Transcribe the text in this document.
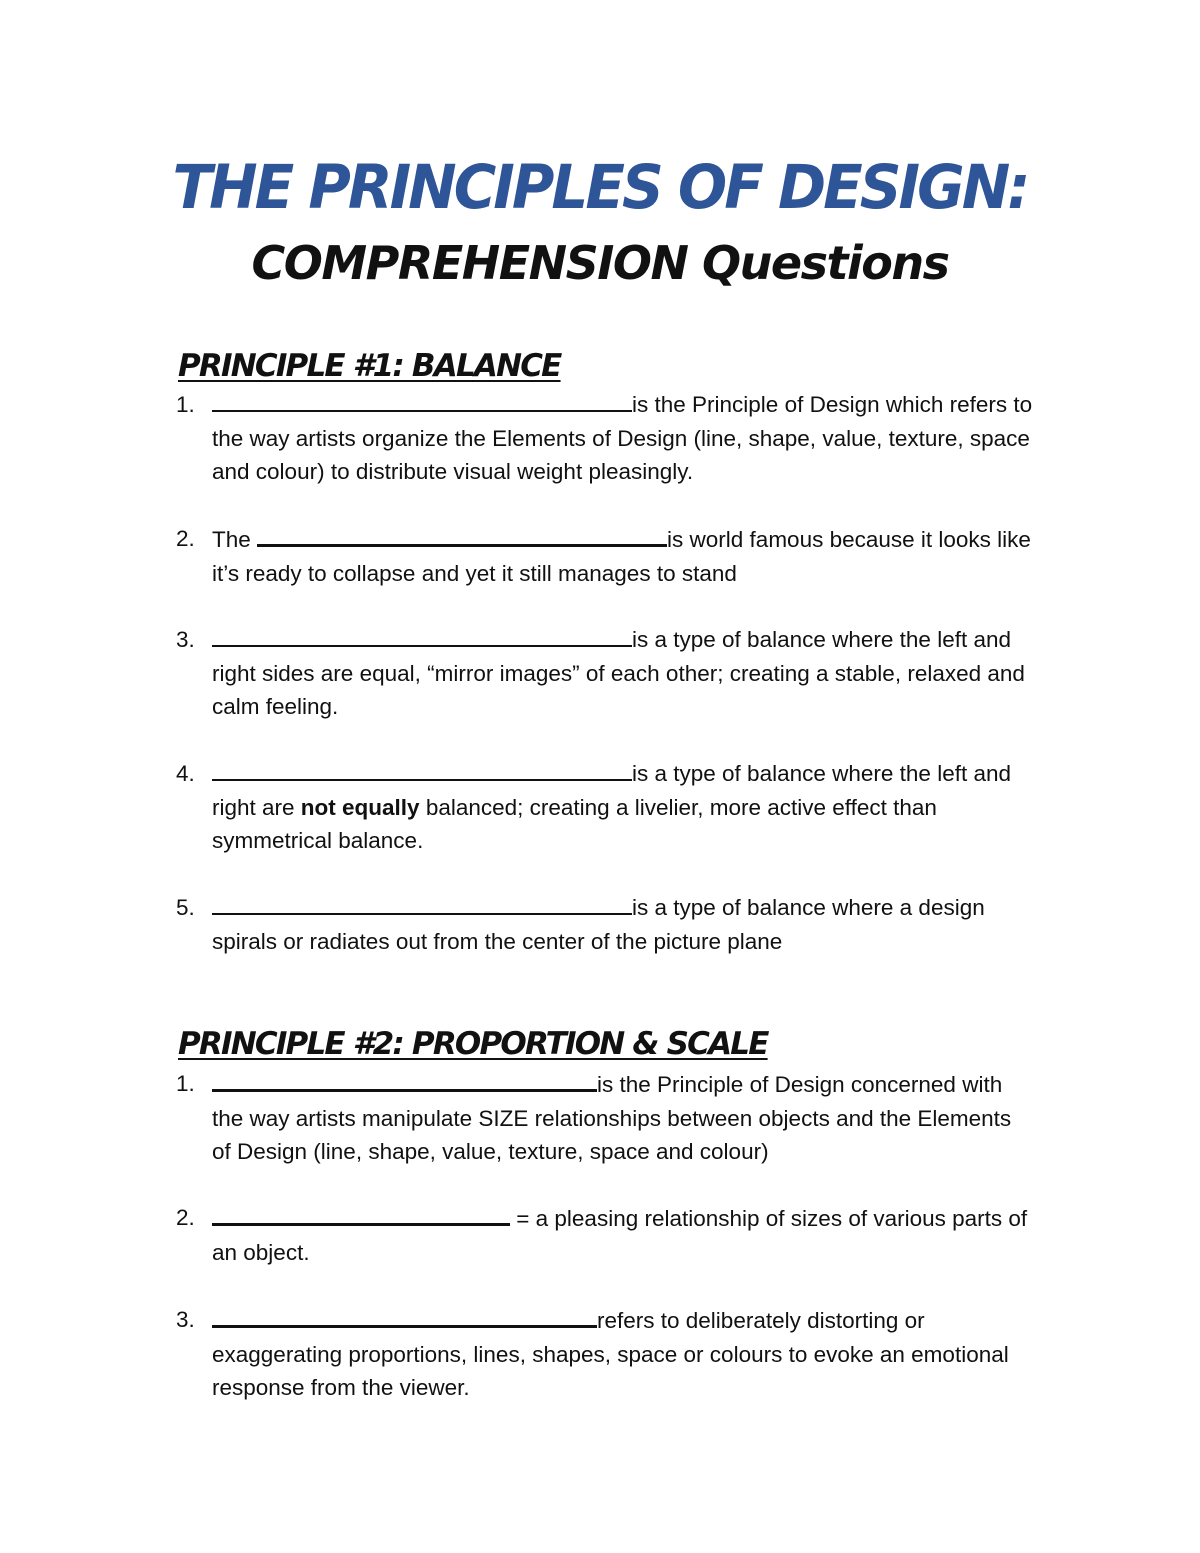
THE PRINCIPLES OF DESIGN:
COMPREHENSION Questions
PRINCIPLE #1: BALANCE
1.	is the Principle of Design which refers to the way artists organize the Elements of Design (line, shape, value, texture, space and colour) to distribute visual weight pleasingly.
2. The	is world famous because it looks like it’s ready to collapse and yet it still manages to stand
3.	is a type of balance where the left and right sides are equal, “mirror images” of each other; creating a stable, relaxed and calm feeling.
4.	is a type of balance where the left and right are not equally balanced; creating a livelier, more active effect than symmetrical balance.
5.	is a type of balance where a design spirals or radiates out from the center of the picture plane
PRINCIPLE #2: PROPORTION & SCALE
1.	is the Principle of Design concerned with the way artists manipulate SIZE relationships between objects and the Elements of Design (line, shape, value, texture, space and colour)
2.	= a pleasing relationship of sizes of various parts of an object.
3.	refers to deliberately distorting or exaggerating proportions, lines, shapes, space or colours to evoke an emotional response from the viewer.
